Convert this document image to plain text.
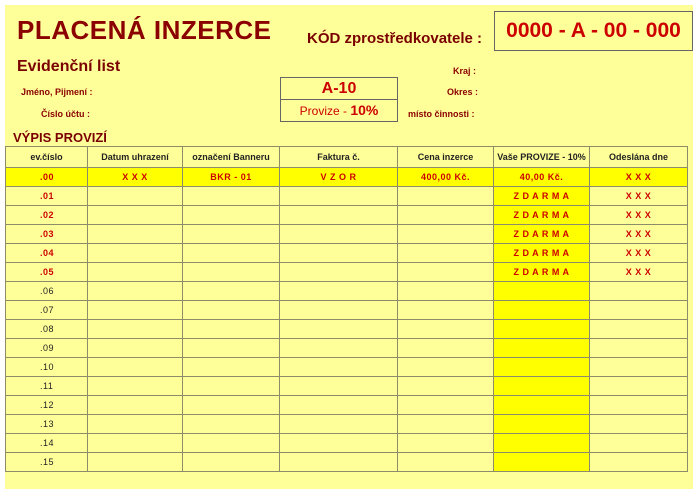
PLACENÁ INZERCE KÓD zprostředkovatele :	0000 - A - 00 - 000
Evidenční list
Jméno, Pijmení :
Číslo účtu :
Kraj :
Okres :
místo činnosti :
A-10
Provize - 10%
VÝPIS PROVIZÍ
ev.číslo	Datum uhrazení	označení Banneru	Faktura č.	Cena inzerce	Vaše PROVIZE - 10%	Odeslána dne
.00	X X X	BKR - 01	V Z O R	400,00 Kč.	40,00 Kč.	X X X
.01					Z D A R M A	X X X
.02					Z D A R M A	X X X
.03					Z D A R M A	X X X
.04					Z D A R M A	X X X
.05					Z D A R M A	X X X
.06						
.07						
.08						
.09						
.10						
.11						
.12						
.13						
.14						
.15						
